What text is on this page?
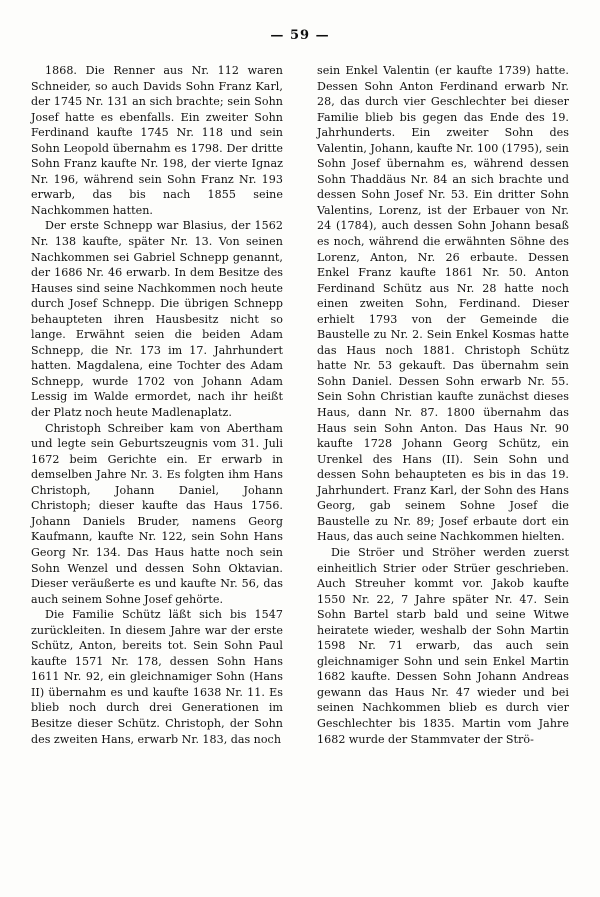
— 59 —

1868. Die Renner aus Nr. 112 waren Schneider, so auch Davids Sohn Franz Karl, der 1745 Nr. 131 an sich brachte; sein Sohn Josef hatte es ebenfalls. Ein zweiter Sohn Ferdinand kaufte 1745 Nr. 118 und sein Sohn Leopold übernahm es 1798. Der dritte Sohn Franz kaufte Nr. 198, der vierte Ignaz Nr. 196, während sein Sohn Franz Nr. 193 erwarb, das bis nach 1855 seine Nachkommen hatten.

Der erste Schnepp war Blasius, der 1562 Nr. 138 kaufte, später Nr. 13. Von seinen Nachkommen sei Gabriel Schnepp genannt, der 1686 Nr. 46 erwarb. In dem Besitze des Hauses sind seine Nachkommen noch heute durch Josef Schnepp. Die übrigen Schnepp behaupteten ihren Hausbesitz nicht so lange. Erwähnt seien die beiden Adam Schnepp, die Nr. 173 im 17. Jahrhundert hatten. Magdalena, eine Tochter des Adam Schnepp, wurde 1702 von Johann Adam Lessig im Walde ermordet, nach ihr heißt der Platz noch heute Madlenaplatz.

Christoph Schreiber kam von Abertham und legte sein Geburtszeugnis vom 31. Juli 1672 beim Gerichte ein. Er erwarb in demselben Jahre Nr. 3. Es folgten ihm Hans Christoph, Johann Daniel, Johann Christoph; dieser kaufte das Haus 1756. Johann Daniels Bruder, namens Georg Kaufmann, kaufte Nr. 122, sein Sohn Hans Georg Nr. 134. Das Haus hatte noch sein Sohn Wenzel und dessen Sohn Oktavian. Dieser veräußerte es und kaufte Nr. 56, das auch seinem Sohne Josef gehörte.

Die Familie Schütz läßt sich bis 1547 zurückleiten. In diesem Jahre war der erste Schütz, Anton, bereits tot. Sein Sohn Paul kaufte 1571 Nr. 178, dessen Sohn Hans 1611 Nr. 92, ein gleichnamiger Sohn (Hans II) übernahm es und kaufte 1638 Nr. 11. Es blieb noch durch drei Generationen im Besitze dieser Schütz. Christoph, der Sohn des zweiten Hans, erwarb Nr. 183, das noch

sein Enkel Valentin (er kaufte 1739) hatte. Dessen Sohn Anton Ferdinand erwarb Nr. 28, das durch vier Geschlechter bei dieser Familie blieb bis gegen das Ende des 19. Jahrhunderts. Ein zweiter Sohn des Valentin, Johann, kaufte Nr. 100 (1795), sein Sohn Josef übernahm es, während dessen Sohn Thaddäus Nr. 84 an sich brachte und dessen Sohn Josef Nr. 53. Ein dritter Sohn Valentins, Lorenz, ist der Erbauer von Nr. 24 (1784), auch dessen Sohn Johann besaß es noch, während die erwähnten Söhne des Lorenz, Anton, Nr. 26 erbaute. Dessen Enkel Franz kaufte 1861 Nr. 50. Anton Ferdinand Schütz aus Nr. 28 hatte noch einen zweiten Sohn, Ferdinand. Dieser erhielt 1793 von der Gemeinde die Baustelle zu Nr. 2. Sein Enkel Kosmas hatte das Haus noch 1881. Christoph Schütz hatte Nr. 53 gekauft. Das übernahm sein Sohn Daniel. Dessen Sohn erwarb Nr. 55. Sein Sohn Christian kaufte zunächst dieses Haus, dann Nr. 87. 1800 übernahm das Haus sein Sohn Anton. Das Haus Nr. 90 kaufte 1728 Johann Georg Schütz, ein Urenkel des Hans (II). Sein Sohn und dessen Sohn behaupteten es bis in das 19. Jahrhundert. Franz Karl, der Sohn des Hans Georg, gab seinem Sohne Josef die Baustelle zu Nr. 89; Josef erbaute dort ein Haus, das auch seine Nachkommen hielten.

Die Ströer und Ströher werden zuerst einheitlich Strier oder Strüer geschrieben. Auch Streuher kommt vor. Jakob kaufte 1550 Nr. 22, 7 Jahre später Nr. 47. Sein Sohn Bartel starb bald und seine Witwe heiratete wieder, weshalb der Sohn Martin 1598 Nr. 71 erwarb, das auch sein gleichnamiger Sohn und sein Enkel Martin 1682 kaufte. Dessen Sohn Johann Andreas gewann das Haus Nr. 47 wieder und bei seinen Nachkommen blieb es durch vier Geschlechter bis 1835. Martin vom Jahre 1682 wurde der Stammvater der Strö-
